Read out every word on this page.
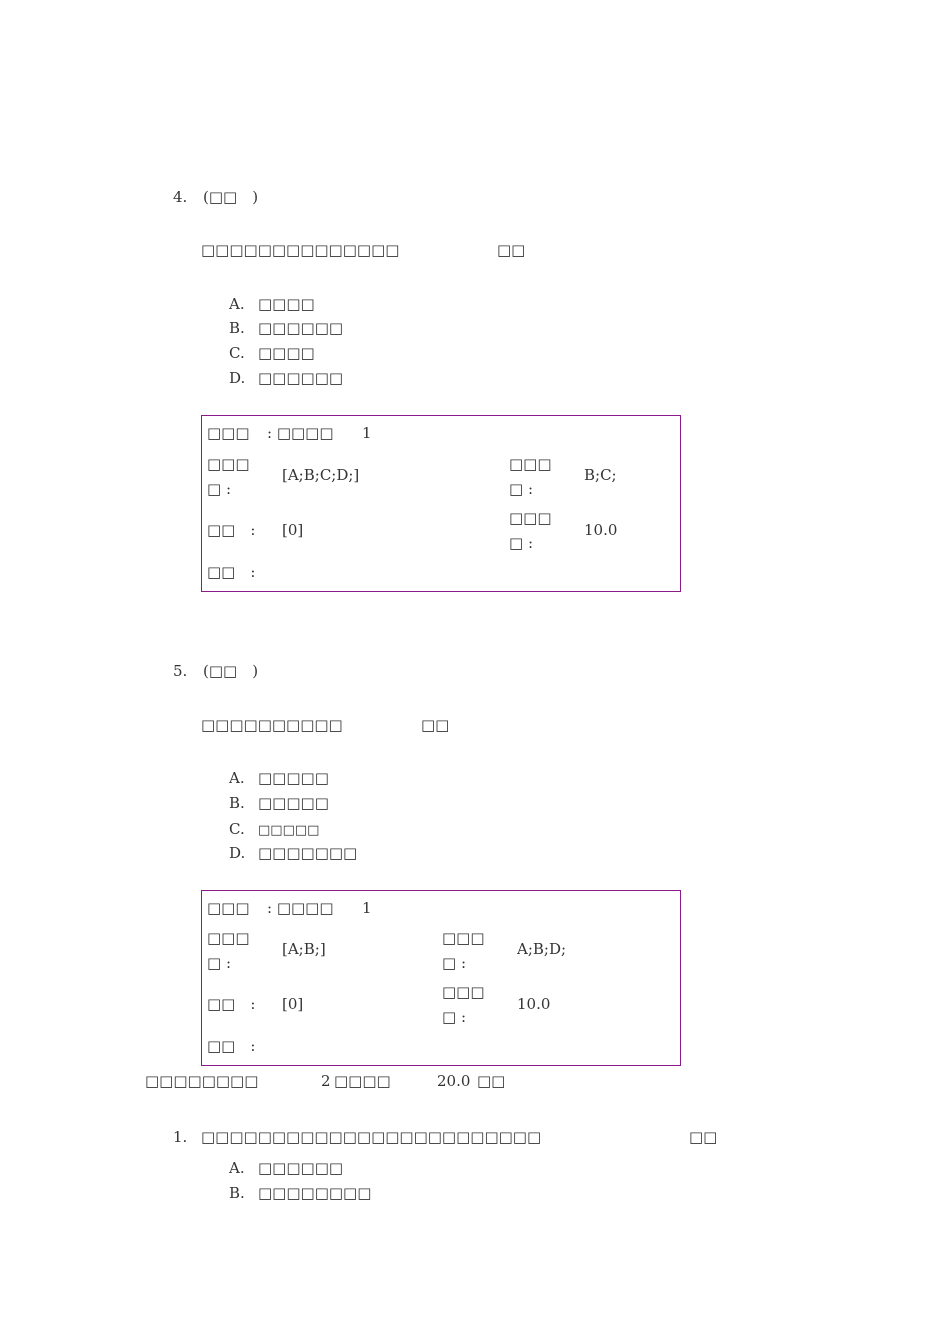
4. (□□　)
□□□□□□□□□□□□□□	□□
A. □□□□
B. □□□□□□
C. □□□□
D. □□□□□□
□□□ : □□□□ 1
□□□
□ :
[A;B;C;D;]
□□□
□ :
B;C;
□□　: [0]
□□□
□ :
10.0
□□　:
5. (□□　)
□□□□□□□□□□	□□
A. □□□□□
B. □□□□□
C. □□□□□
D. □□□□□□□
□□□ : □□□□ 1
□□□
□ :
[A;B;]
□□□
□ :
A;B;D;
□□　: [0]
□□□
□ :
10.0
□□　:
□□□□□□□□	2 □□□□	20.0 □□
1. □□□□□□□□□□□□□□□□□□□□□□□□	□□
A. □□□□□□
B. □□□□□□□□
